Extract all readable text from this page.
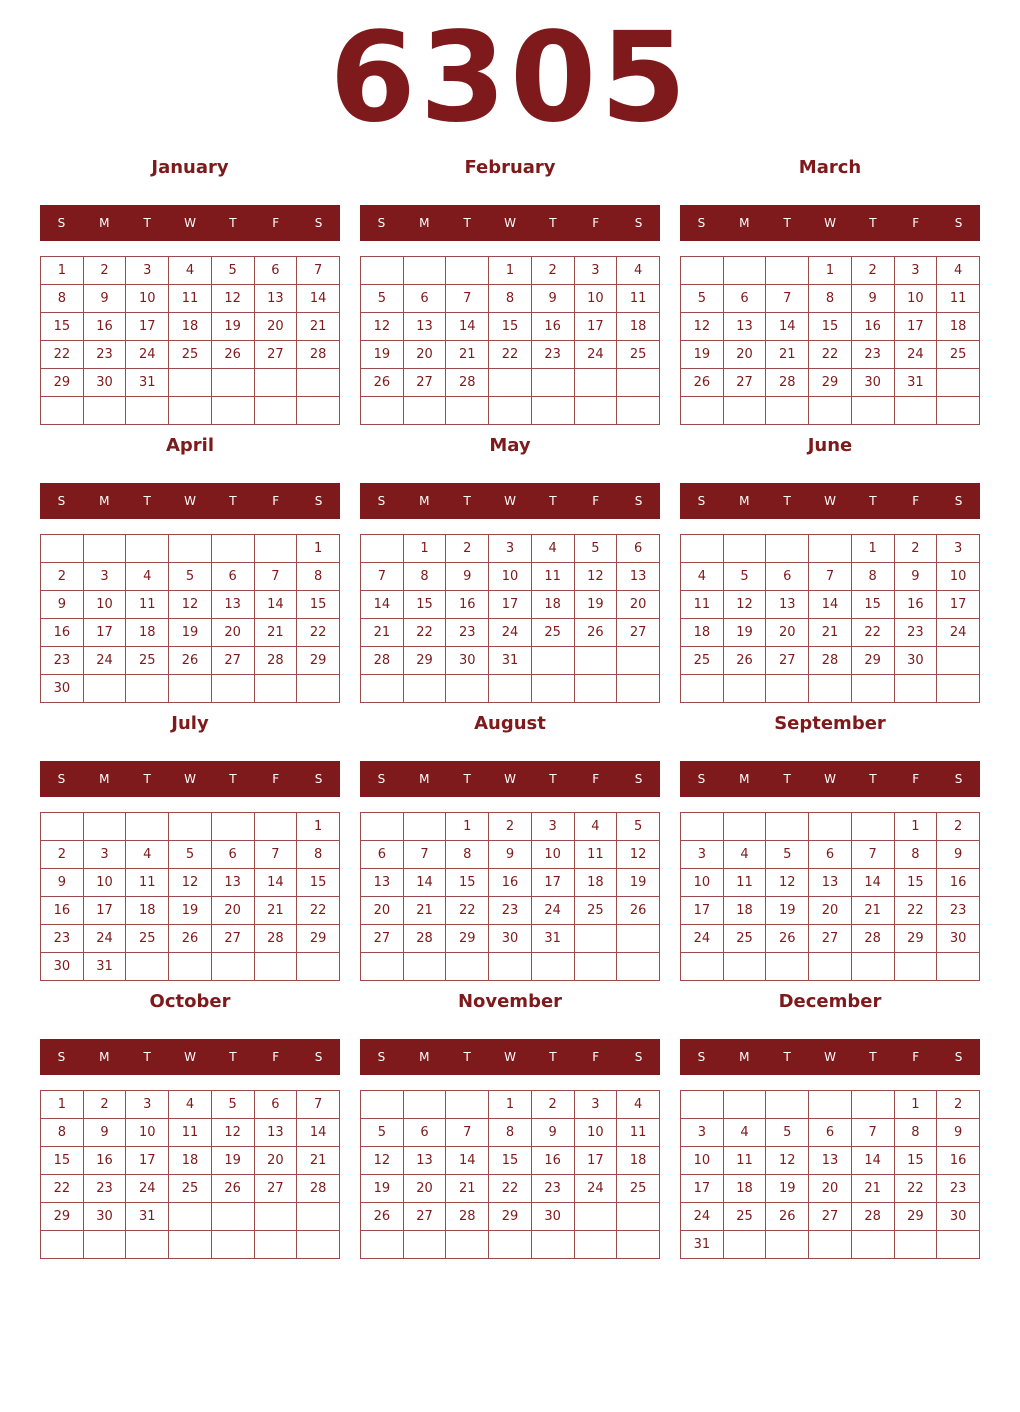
6305
January
S	M	T	W	T	F	S
1	2	3	4	5	6	7
8	9	10	11	12	13	14
15	16	17	18	19	20	21
22	23	24	25	26	27	28
29	30	31				

February
S	M	T	W	T	F	S
			1	2	3	4
5	6	7	8	9	10	11
12	13	14	15	16	17	18
19	20	21	22	23	24	25
26	27	28				

March
S	M	T	W	T	F	S
			1	2	3	4
5	6	7	8	9	10	11
12	13	14	15	16	17	18
19	20	21	22	23	24	25
26	27	28	29	30	31	

April
S	M	T	W	T	F	S
						1
2	3	4	5	6	7	8
9	10	11	12	13	14	15
16	17	18	19	20	21	22
23	24	25	26	27	28	29
30						
May
S	M	T	W	T	F	S
	1	2	3	4	5	6
7	8	9	10	11	12	13
14	15	16	17	18	19	20
21	22	23	24	25	26	27
28	29	30	31			

June
S	M	T	W	T	F	S
				1	2	3
4	5	6	7	8	9	10
11	12	13	14	15	16	17
18	19	20	21	22	23	24
25	26	27	28	29	30	

July
S	M	T	W	T	F	S
						1
2	3	4	5	6	7	8
9	10	11	12	13	14	15
16	17	18	19	20	21	22
23	24	25	26	27	28	29
30	31					
August
S	M	T	W	T	F	S
		1	2	3	4	5
6	7	8	9	10	11	12
13	14	15	16	17	18	19
20	21	22	23	24	25	26
27	28	29	30	31		

September
S	M	T	W	T	F	S
					1	2
3	4	5	6	7	8	9
10	11	12	13	14	15	16
17	18	19	20	21	22	23
24	25	26	27	28	29	30

October
S	M	T	W	T	F	S
1	2	3	4	5	6	7
8	9	10	11	12	13	14
15	16	17	18	19	20	21
22	23	24	25	26	27	28
29	30	31				

November
S	M	T	W	T	F	S
			1	2	3	4
5	6	7	8	9	10	11
12	13	14	15	16	17	18
19	20	21	22	23	24	25
26	27	28	29	30		

December
S	M	T	W	T	F	S
					1	2
3	4	5	6	7	8	9
10	11	12	13	14	15	16
17	18	19	20	21	22	23
24	25	26	27	28	29	30
31						
